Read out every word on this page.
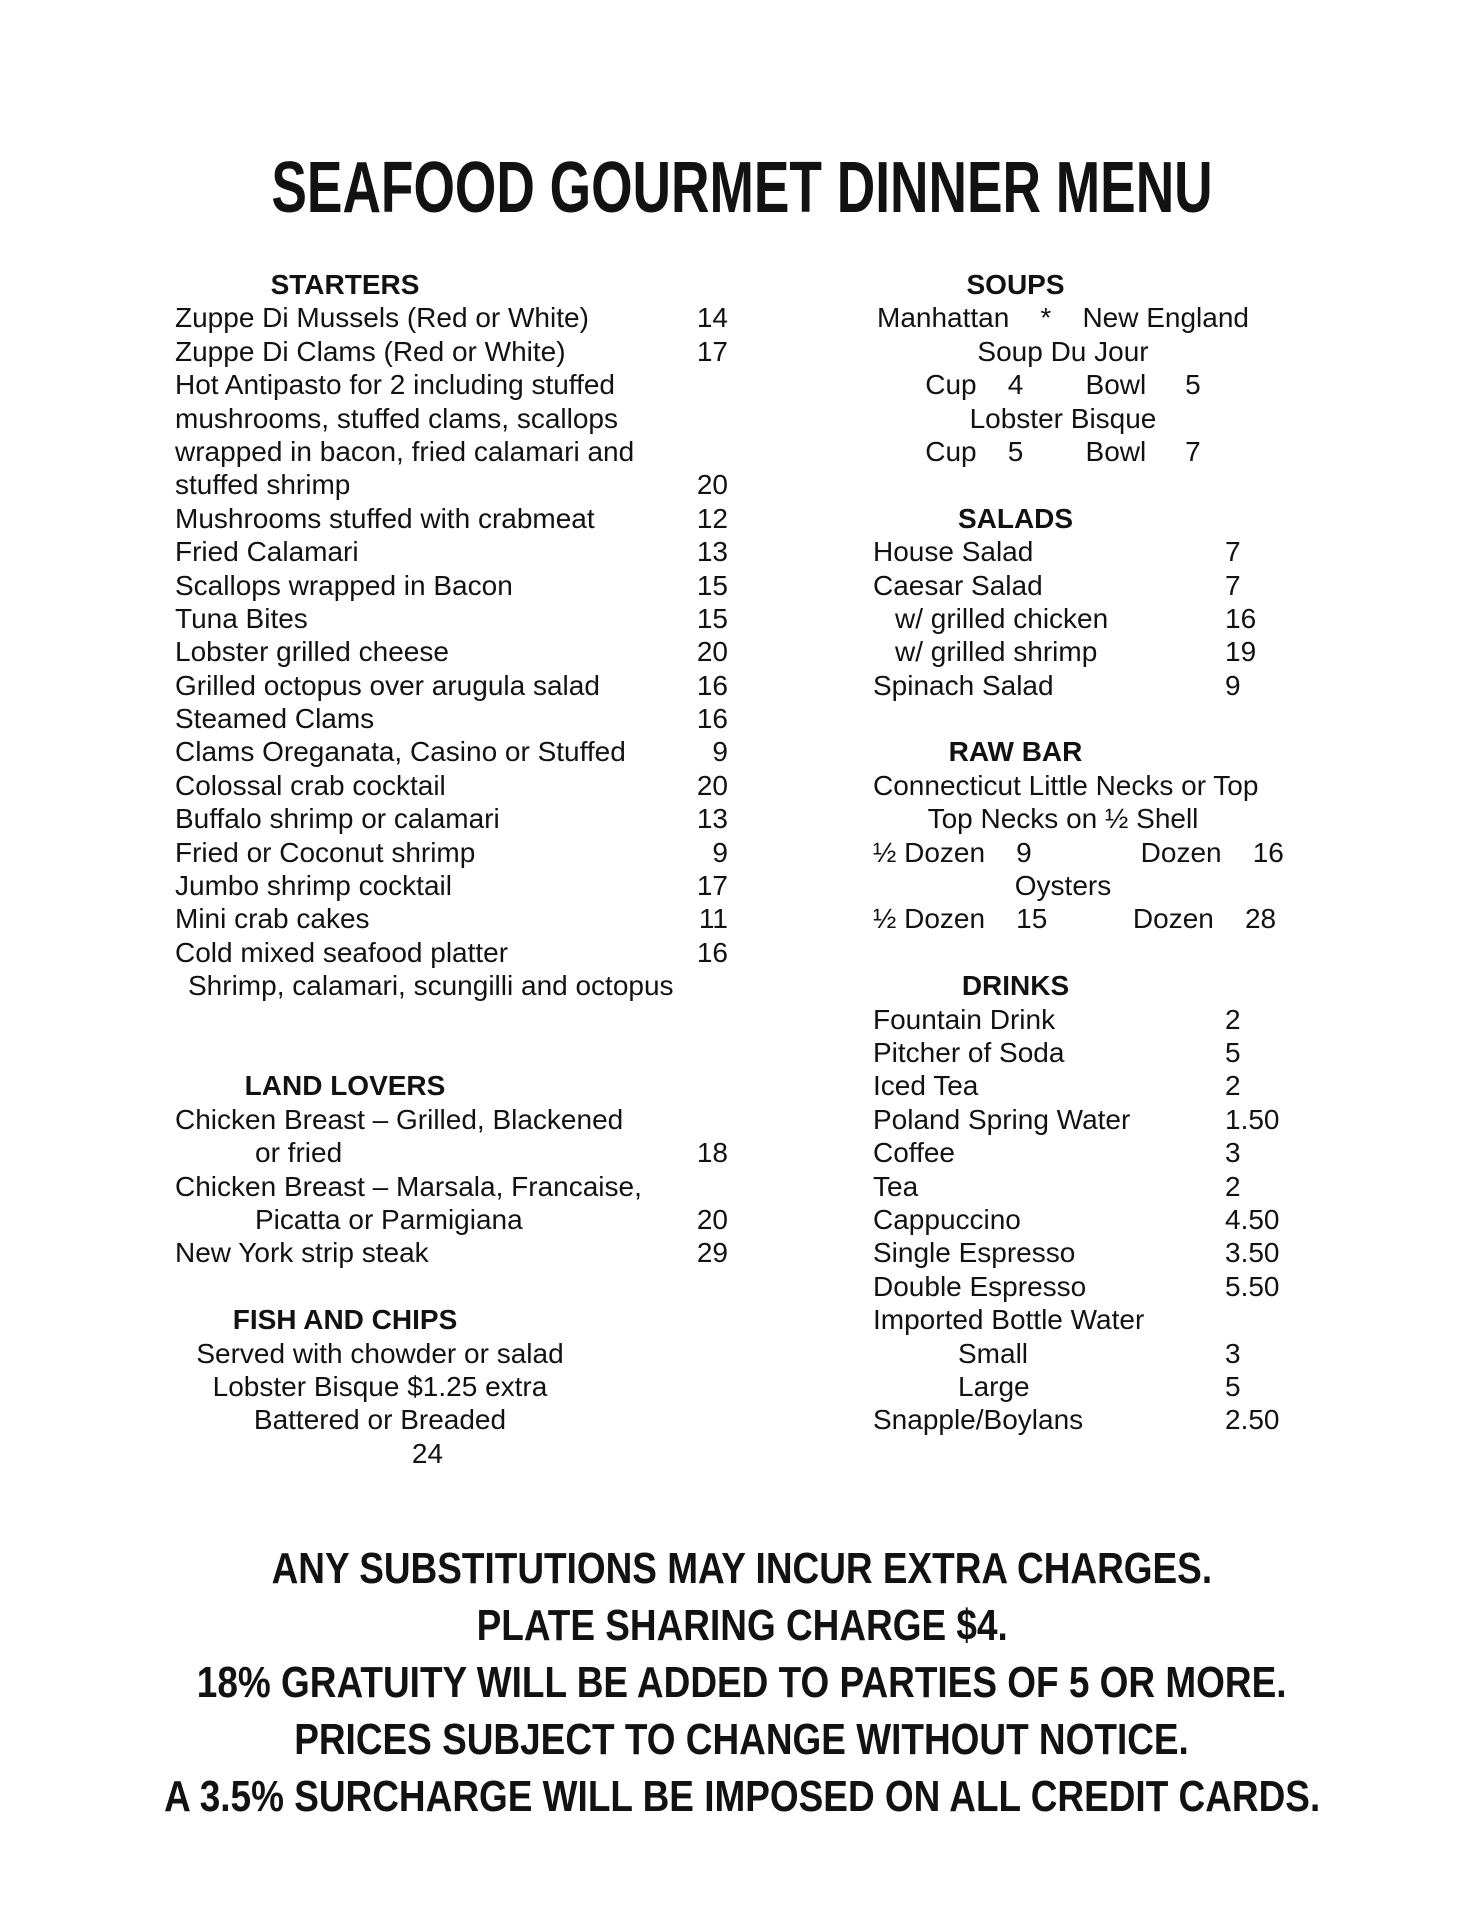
SEAFOOD GOURMET DINNER MENU
STARTERS
Zuppe Di Mussels (Red or White)	14
Zuppe Di Clams (Red or White)	17
Hot Antipasto for 2 including stuffed
mushrooms, stuffed clams, scallops
wrapped in bacon, fried calamari and
stuffed shrimp	20
Mushrooms stuffed with crabmeat	12
Fried Calamari	13
Scallops wrapped in Bacon	15
Tuna Bites	15
Lobster grilled cheese	20
Grilled octopus over arugula salad	16
Steamed Clams	16
Clams Oreganata, Casino or Stuffed	9
Colossal crab cocktail	20
Buffalo shrimp or calamari	13
Fried or Coconut shrimp	9
Jumbo shrimp cocktail	17
Mini crab cakes	11
Cold mixed seafood platter	16
Shrimp, calamari, scungilli and octopus
LAND LOVERS
Chicken Breast – Grilled, Blackened
or fried	18
Chicken Breast – Marsala, Francaise,
Picatta or Parmigiana	20
New York strip steak	29
FISH AND CHIPS
Served with chowder or salad
Lobster Bisque $1.25 extra
Battered or Breaded
24
SOUPS
Manhattan    *    New England
Soup Du Jour
Cup    4        Bowl     5
Lobster Bisque
Cup    5        Bowl     7
SALADS
House Salad	7
Caesar Salad	7
w/ grilled chicken	16
w/ grilled shrimp	19
Spinach Salad	9
RAW BAR
Connecticut Little Necks or Top
Top Necks on ½ Shell
½ Dozen    9              Dozen    16
Oysters
½ Dozen    15           Dozen    28
DRINKS
Fountain Drink	2
Pitcher of Soda	5
Iced Tea	2
Poland Spring Water	1.50
Coffee	3
Tea	2
Cappuccino	4.50
Single Espresso	3.50
Double Espresso	5.50
Imported Bottle Water
Small	3
Large	5
Snapple/Boylans	2.50
ANY SUBSTITUTIONS MAY INCUR EXTRA CHARGES.
PLATE SHARING CHARGE $4.
18% GRATUITY WILL BE ADDED TO PARTIES OF 5 OR MORE.
PRICES SUBJECT TO CHANGE WITHOUT NOTICE.
A 3.5% SURCHARGE WILL BE IMPOSED ON ALL CREDIT CARDS.
